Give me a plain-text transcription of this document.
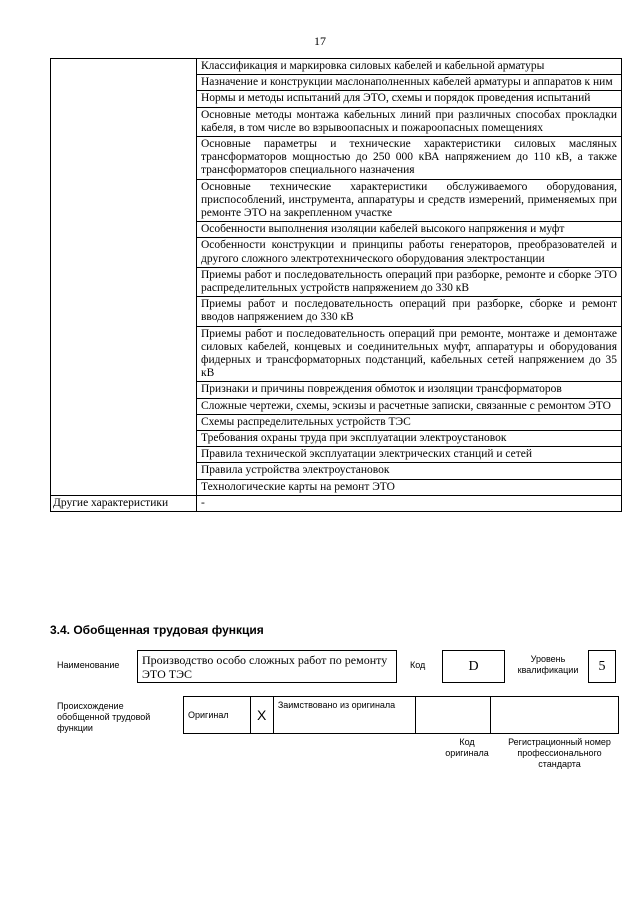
17
	Классификация и маркировка силовых кабелей и кабельной арматуры
	Назначение и конструкции маслонаполненных кабелей арматуры и аппаратов к ним
	Нормы и методы испытаний для ЭТО, схемы и порядок проведения испытаний
	Основные методы монтажа кабельных линий при различных способах прокладки кабеля, в том числе во взрывоопасных и пожароопасных помещениях
	Основные параметры и технические характеристики силовых масляных трансформаторов мощностью до 250 000 кВА напряжением до 110 кВ, а также трансформаторов специального назначения
	Основные технические характеристики обслуживаемого оборудования, приспособлений, инструмента, аппаратуры и средств измерений, применяемых при ремонте ЭТО на закрепленном участке
	Особенности выполнения изоляции кабелей высокого напряжения и муфт
	Особенности конструкции и принципы работы генераторов, преобразователей и другого сложного электротехнического оборудования электростанции
	Приемы работ и последовательность операций при разборке, ремонте и сборке ЭТО распределительных устройств напряжением до 330 кВ
	Приемы работ и последовательность операций при разборке, сборке и ремонт вводов напряжением до 330 кВ
	Приемы работ и последовательность операций при ремонте, монтаже и демонтаже силовых кабелей, концевых и соединительных муфт, аппаратуры и оборудования фидерных и трансформаторных подстанций, кабельных сетей напряжением до 35 кВ
	Признаки и причины повреждения обмоток и изоляции трансформаторов
	Сложные чертежи, схемы, эскизы и расчетные записки, связанные с ремонтом ЭТО
	Схемы распределительных устройств ТЭС
	Требования охраны труда при эксплуатации электроустановок
	Правила технической эксплуатации электрических станций и сетей
	Правила устройства электроустановок
	Технологические карты на ремонт ЭТО
Другие характеристики	-
3.4. Обобщенная трудовая функция
Наименование	Производство особо сложных работ по ремонту ЭТО ТЭС
Код	D	Уровень квалификации	5
Происхождение обобщенной трудовой функции
Оригинал	X	Заимствовано из оригинала		
Код оригинала
Регистрационный номер профессионального стандарта
